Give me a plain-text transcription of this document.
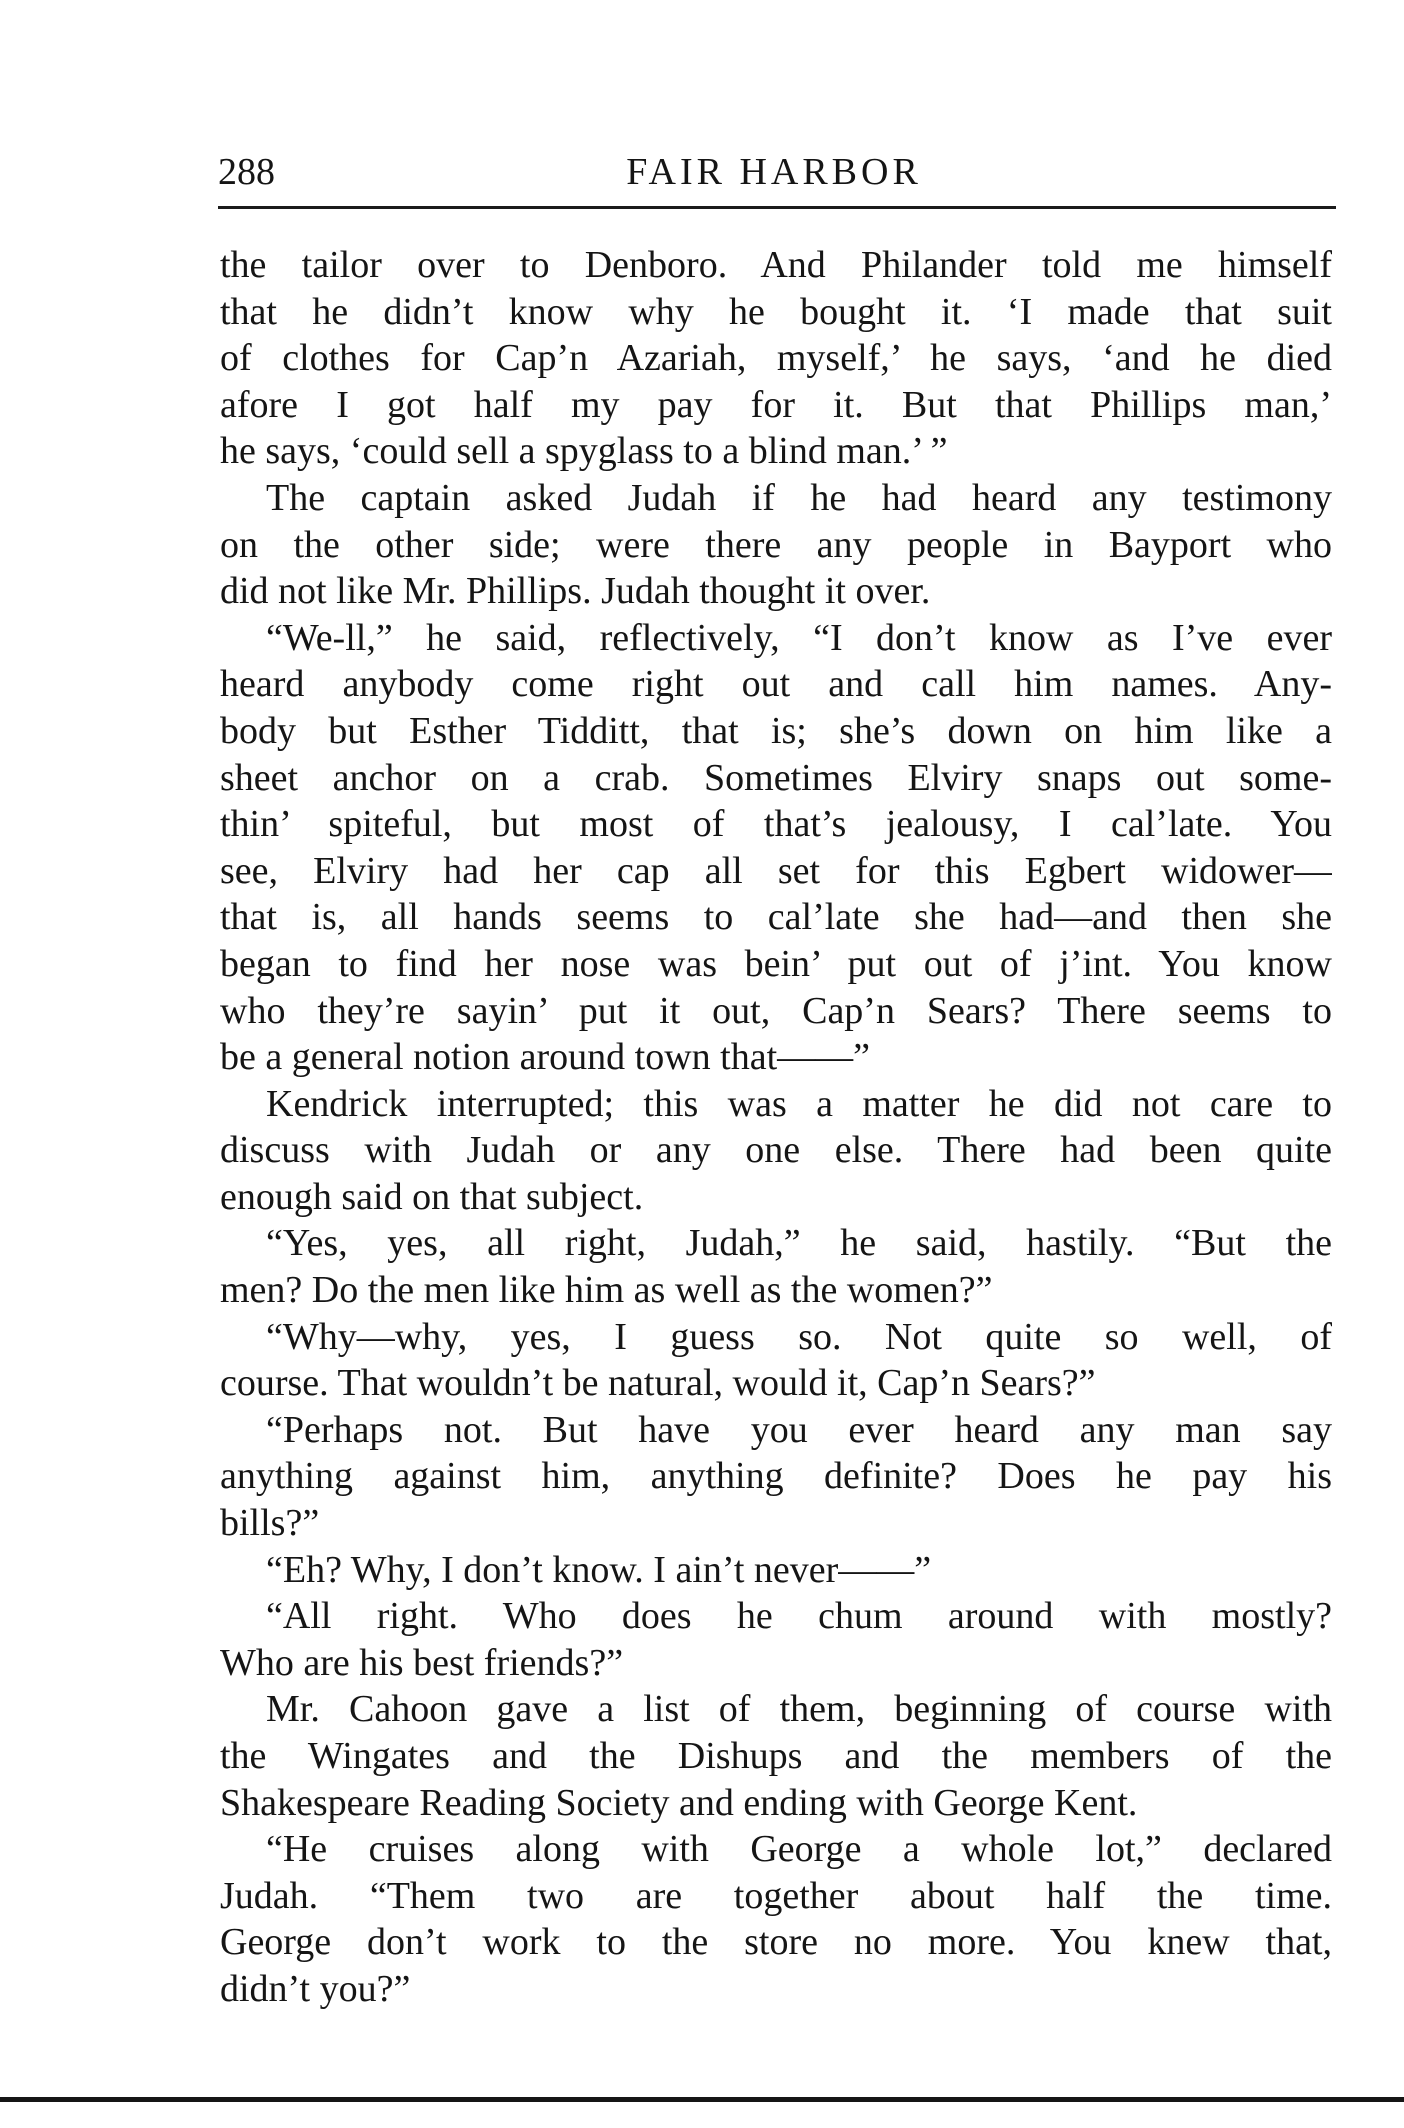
288	FAIR HARBOR
the tailor over to Denboro. And Philander told me himself
that he didn’t know why he bought it. ‘I made that suit
of clothes for Cap’n Azariah, myself,’ he says, ‘and he died
afore I got half my pay for it. But that Phillips man,’
he says, ‘could sell a spyglass to a blind man.’ ”
The captain asked Judah if he had heard any testimony
on the other side; were there any people in Bayport who
did not like Mr. Phillips. Judah thought it over.
“We-ll,” he said, reflectively, “I don’t know as I’ve ever
heard anybody come right out and call him names. Any-
body but Esther Tidditt, that is; she’s down on him like a
sheet anchor on a crab. Sometimes Elviry snaps out some-
thin’ spiteful, but most of that’s jealousy, I cal’late. You
see, Elviry had her cap all set for this Egbert widower—
that is, all hands seems to cal’late she had—and then she
began to find her nose was bein’ put out of j’int. You know
who they’re sayin’ put it out, Cap’n Sears? There seems to
be a general notion around town that——”
Kendrick interrupted; this was a matter he did not care to
discuss with Judah or any one else. There had been quite
enough said on that subject.
“Yes, yes, all right, Judah,” he said, hastily. “But the
men? Do the men like him as well as the women?”
“Why—why, yes, I guess so. Not quite so well, of
course. That wouldn’t be natural, would it, Cap’n Sears?”
“Perhaps not. But have you ever heard any man say
anything against him, anything definite? Does he pay his
bills?”
“Eh? Why, I don’t know. I ain’t never——”
“All right. Who does he chum around with mostly?
Who are his best friends?”
Mr. Cahoon gave a list of them, beginning of course with
the Wingates and the Dishups and the members of the
Shakespeare Reading Society and ending with George Kent.
“He cruises along with George a whole lot,” declared
Judah. “Them two are together about half the time.
George don’t work to the store no more. You knew that,
didn’t you?”
